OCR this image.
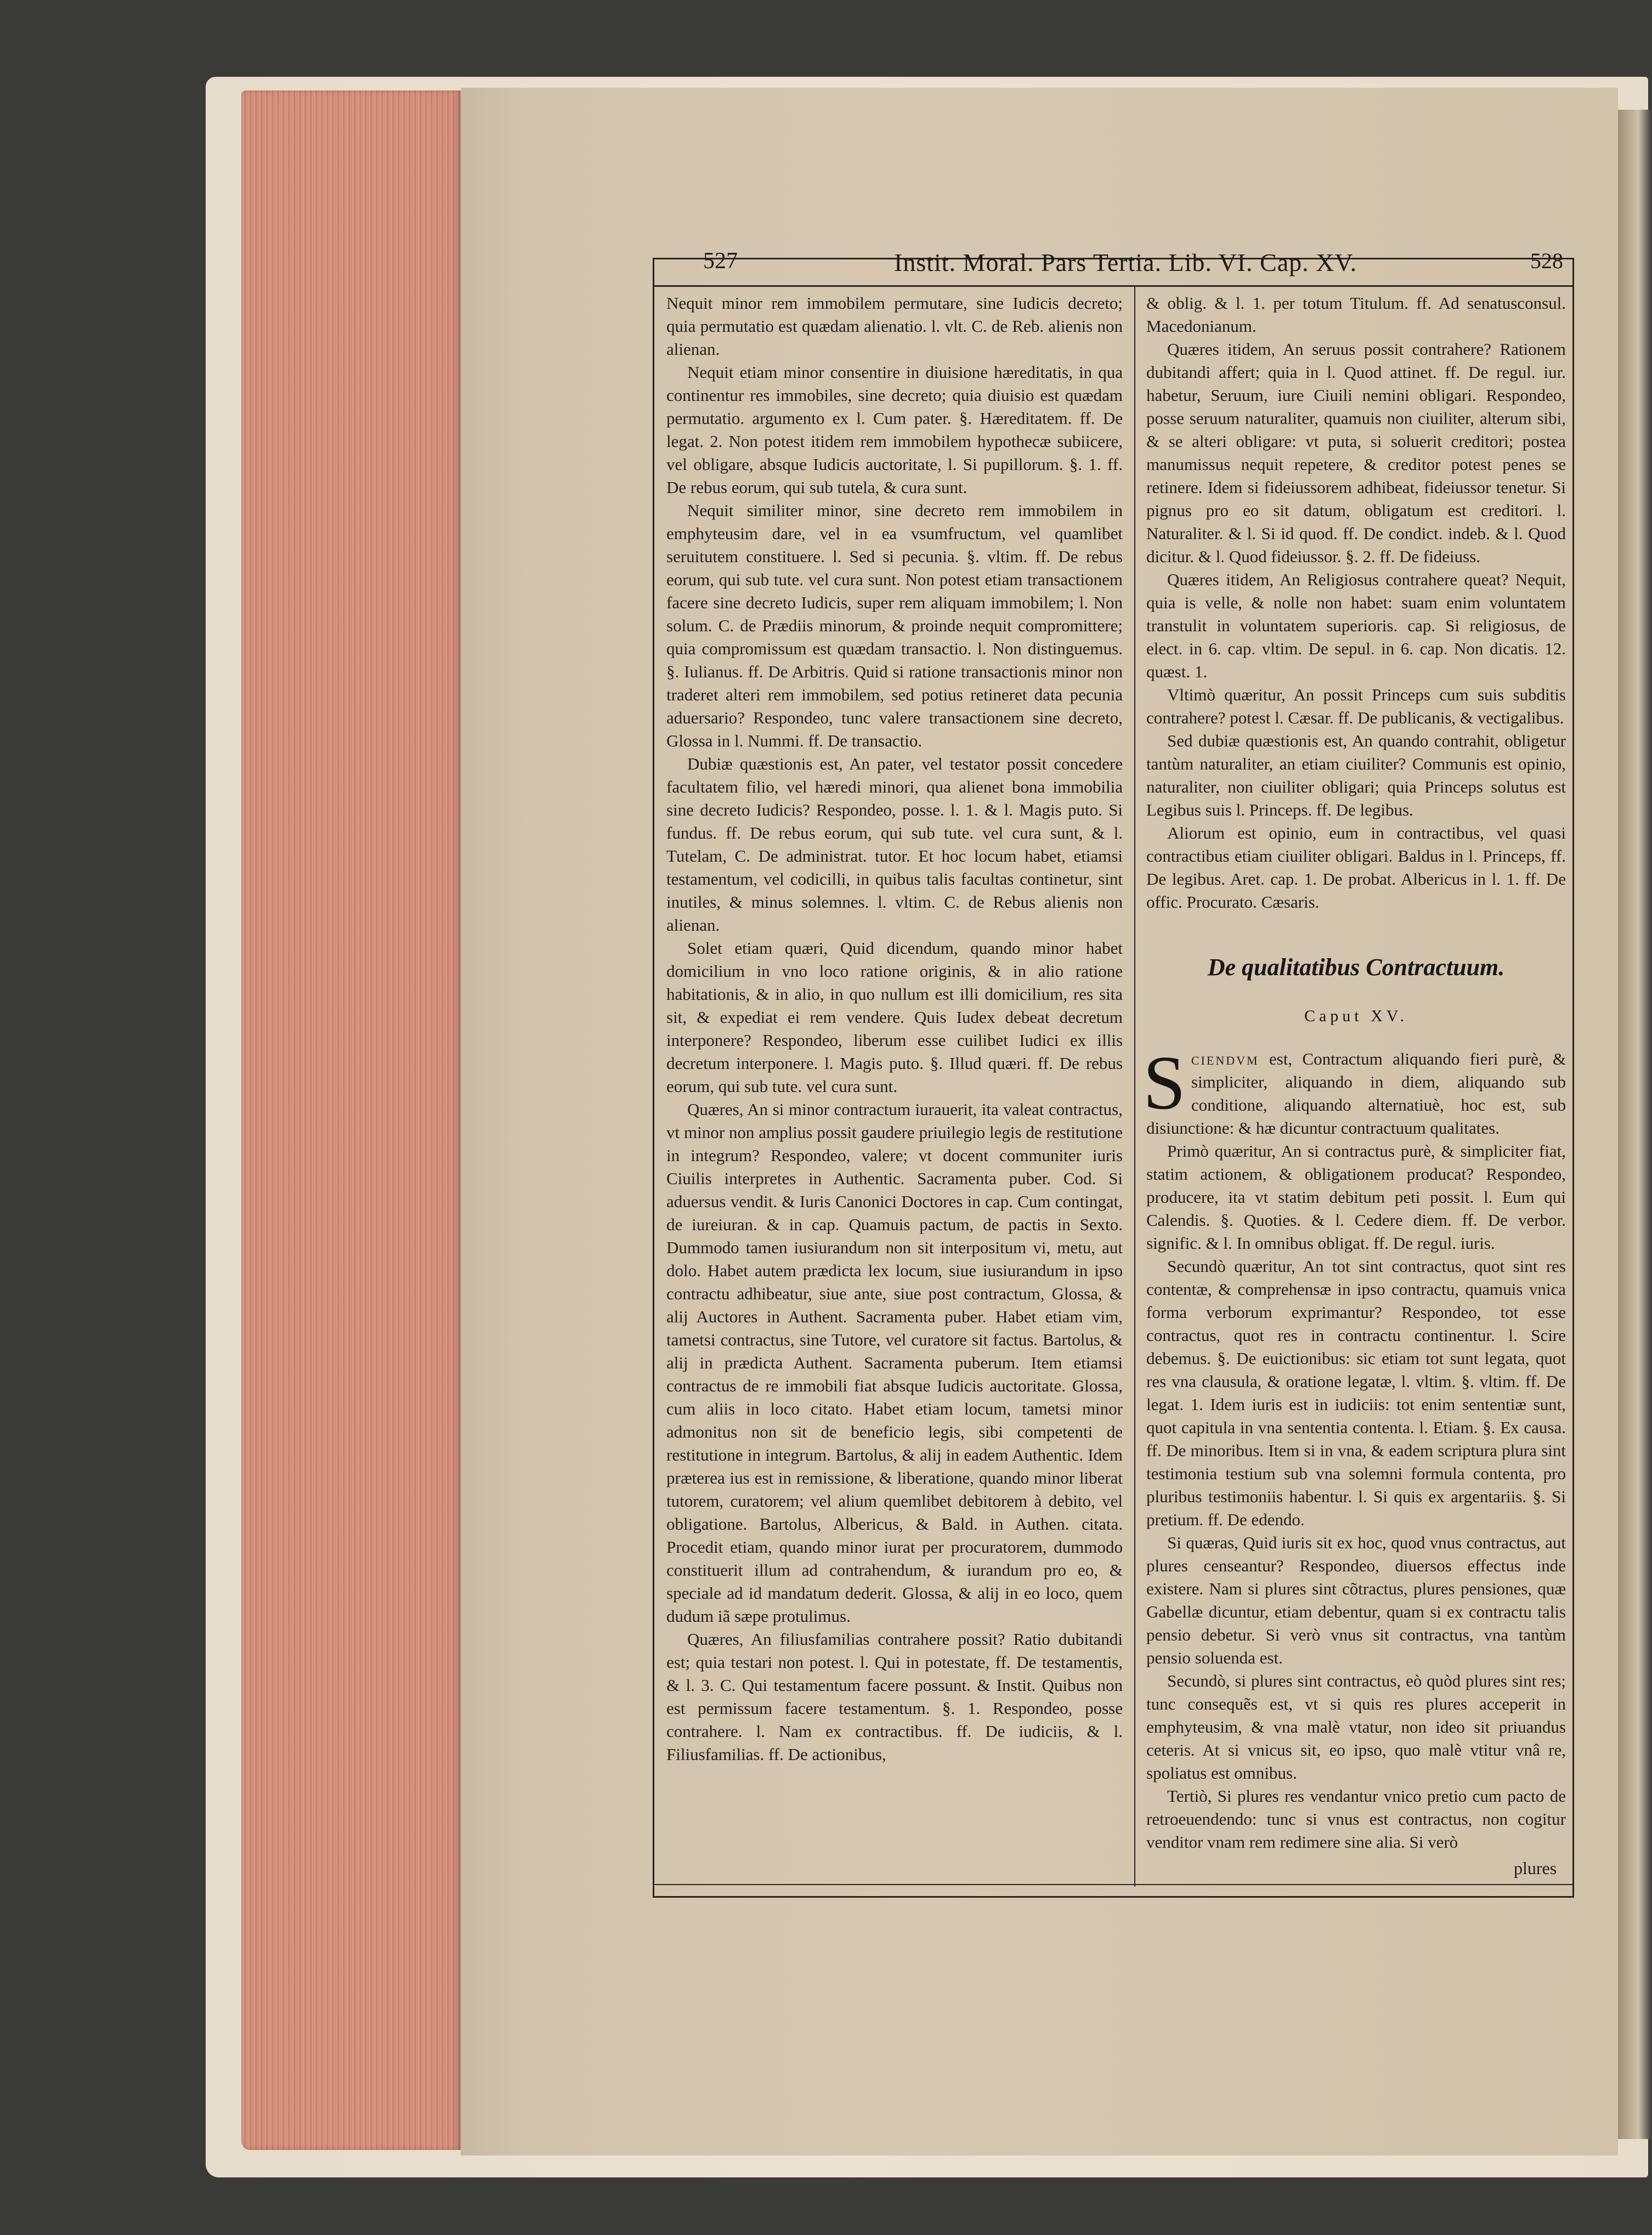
527	Instit. Moral. Pars Tertia. Lib. VI. Cap. XV.	528

Nequit minor rem immobilem permutare, sine Iudicis decreto; quia permutatio est quædam alienatio. l. vlt. C. de Reb. alienis non alienan.

Nequit etiam minor consentire in diuisione hæreditatis, in qua continentur res immobiles, sine decreto; quia diuisio est quædam permutatio. argumento ex l. Cum pater. §. Hæreditatem. ff. De legat. 2. Non potest itidem rem immobilem hypothecæ subiicere, vel obligare, absque Iudicis auctoritate, l. Si pupillorum. §. 1. ff. De rebus eorum, qui sub tutela, & cura sunt.

Nequit similiter minor, sine decreto rem immobilem in emphyteusim dare, vel in ea vsumfructum, vel quamlibet seruitutem constituere. l. Sed si pecunia. §. vltim. ff. De rebus eorum, qui sub tute. vel cura sunt. Non potest etiam transactionem facere sine decreto Iudicis, super rem aliquam immobilem; l. Non solum. C. de Prædiis minorum, & proinde nequit compromittere; quia compromissum est quædam transactio. l. Non distinguemus. §. Iulianus. ff. De Arbitris. Quid si ratione transactionis minor non traderet alteri rem immobilem, sed potius retineret data pecunia aduersario? Respondeo, tunc valere transactionem sine decreto, Glossa in l. Nummi. ff. De transactio.

Dubiæ quæstionis est, An pater, vel testator possit concedere facultatem filio, vel hæredi minori, qua alienet bona immobilia sine decreto Iudicis? Respondeo, posse. l. 1. & l. Magis puto. Si fundus. ff. De rebus eorum, qui sub tute. vel cura sunt, & l. Tutelam, C. De administrat. tutor. Et hoc locum habet, etiamsi testamentum, vel codicilli, in quibus talis facultas continetur, sint inutiles, & minus solemnes. l. vltim. C. de Rebus alienis non alienan.

Solet etiam quæri, Quid dicendum, quando minor habet domicilium in vno loco ratione originis, & in alio ratione habitationis, & in alio, in quo nullum est illi domicilium, res sita sit, & expediat ei rem vendere. Quis Iudex debeat decretum interponere? Respondeo, liberum esse cuilibet Iudici ex illis decretum interponere. l. Magis puto. §. Illud quæri. ff. De rebus eorum, qui sub tute. vel cura sunt.

Quæres, An si minor contractum iurauerit, ita valeat contractus, vt minor non amplius possit gaudere priuilegio legis de restitutione in integrum? Respondeo, valere; vt docent communiter iuris Ciuilis interpretes in Authentic. Sacramenta puber. Cod. Si aduersus vendit. & Iuris Canonici Doctores in cap. Cum contingat, de iureiuran. & in cap. Quamuis pactum, de pactis in Sexto. Dummodo tamen iusiurandum non sit interpositum vi, metu, aut dolo. Habet autem prædicta lex locum, siue iusiurandum in ipso contractu adhibeatur, siue ante, siue post contractum, Glossa, & alij Auctores in Authent. Sacramenta puber. Habet etiam vim, tametsi contractus, sine Tutore, vel curatore sit factus. Bartolus, & alij in prædicta Authent. Sacramenta puberum. Item etiamsi contractus de re immobili fiat absque Iudicis auctoritate. Glossa, cum aliis in loco citato. Habet etiam locum, tametsi minor admonitus non sit de beneficio legis, sibi competenti de restitutione in integrum. Bartolus, & alij in eadem Authentic. Idem præterea ius est in remissione, & liberatione, quando minor liberat tutorem, curatorem; vel alium quemlibet debitorem à debito, vel obligatione. Bartolus, Albericus, & Bald. in Authen. citata. Procedit etiam, quando minor iurat per procuratorem, dummodo constituerit illum ad contrahendum, & iurandum pro eo, & speciale ad id mandatum dederit. Glossa, & alij in eo loco, quem dudum iã sæpe protulimus.

Quæres, An filiusfamilias contrahere possit? Ratio dubitandi est; quia testari non potest. l. Qui in potestate, ff. De testamentis, & l. 3. C. Qui testamentum facere possunt. & Instit. Quibus non est permissum facere testamentum. §. 1. Respondeo, posse contrahere. l. Nam ex contractibus. ff. De iudiciis, & l. Filiusfamilias. ff. De actionibus,

& oblig. & l. 1. per totum Titulum. ff. Ad senatusconsul. Macedonianum.

Quæres itidem, An seruus possit contrahere? Rationem dubitandi affert; quia in l. Quod attinet. ff. De regul. iur. habetur, Seruum, iure Ciuili nemini obligari. Respondeo, posse seruum naturaliter, quamuis non ciuiliter, alterum sibi, & se alteri obligare: vt puta, si soluerit creditori; postea manumissus nequit repetere, & creditor potest penes se retinere. Idem si fideiussorem adhibeat, fideiussor tenetur. Si pignus pro eo sit datum, obligatum est creditori. l. Naturaliter. & l. Si id quod. ff. De condict. indeb. & l. Quod dicitur. & l. Quod fideiussor. §. 2. ff. De fideiuss.

Quæres itidem, An Religiosus contrahere queat? Nequit, quia is velle, & nolle non habet: suam enim voluntatem transtulit in voluntatem superioris. cap. Si religiosus, de elect. in 6. cap. vltim. De sepul. in 6. cap. Non dicatis. 12. quæst. 1.

Vltimò quæritur, An possit Princeps cum suis subditis contrahere? potest l. Cæsar. ff. De publicanis, & vectigalibus.

Sed dubiæ quæstionis est, An quando contrahit, obligetur tantùm naturaliter, an etiam ciuiliter? Communis est opinio, naturaliter, non ciuiliter obligari; quia Princeps solutus est Legibus suis l. Princeps. ff. De legibus.

Aliorum est opinio, eum in contractibus, vel quasi contractibus etiam ciuiliter obligari. Baldus in l. Princeps, ff. De legibus. Aret. cap. 1. De probat. Albericus in l. 1. ff. De offic. Procurato. Cæsaris.

De qualitatibus Contractuum.
Caput XV.

Sciendvm est, Contractum aliquando fieri purè, & simpliciter, aliquando in diem, aliquando sub conditione, aliquando alternatiuè, hoc est, sub disiunctione: & hæ dicuntur contractuum qualitates.

Primò quæritur, An si contractus purè, & simpliciter fiat, statim actionem, & obligationem producat? Respondeo, producere, ita vt statim debitum peti possit. l. Eum qui Calendis. §. Quoties. & l. Cedere diem. ff. De verbor. signific. & l. In omnibus obligat. ff. De regul. iuris.

Secundò quæritur, An tot sint contractus, quot sint res contentæ, & comprehensæ in ipso contractu, quamuis vnica forma verborum exprimantur? Respondeo, tot esse contractus, quot res in contractu continentur. l. Scire debemus. §. De euictionibus: sic etiam tot sunt legata, quot res vna clausula, & oratione legatæ, l. vltim. §. vltim. ff. De legat. 1. Idem iuris est in iudiciis: tot enim sententiæ sunt, quot capitula in vna sententia contenta. l. Etiam. §. Ex causa. ff. De minoribus. Item si in vna, & eadem scriptura plura sint testimonia testium sub vna solemni formula contenta, pro pluribus testimoniis habentur. l. Si quis ex argentariis. §. Si pretium. ff. De edendo.

Si quæras, Quid iuris sit ex hoc, quod vnus contractus, aut plures censeantur? Respondeo, diuersos effectus inde existere. Nam si plures sint cõtractus, plures pensiones, quæ Gabellæ dicuntur, etiam debentur, quam si ex contractu talis pensio debetur. Si verò vnus sit contractus, vna tantùm pensio soluenda est.

Secundò, si plures sint contractus, eò quòd plures sint res; tunc consequẽs est, vt si quis res plures acceperit in emphyteusim, & vna malè vtatur, non ideo sit priuandus ceteris. At si vnicus sit, eo ipso, quo malè vtitur vnâ re, spoliatus est omnibus.

Tertiò, Si plures res vendantur vnico pretio cum pacto de retroeuendendo: tunc si vnus est contractus, non cogitur venditor vnam rem redimere sine alia. Si verò

plures
